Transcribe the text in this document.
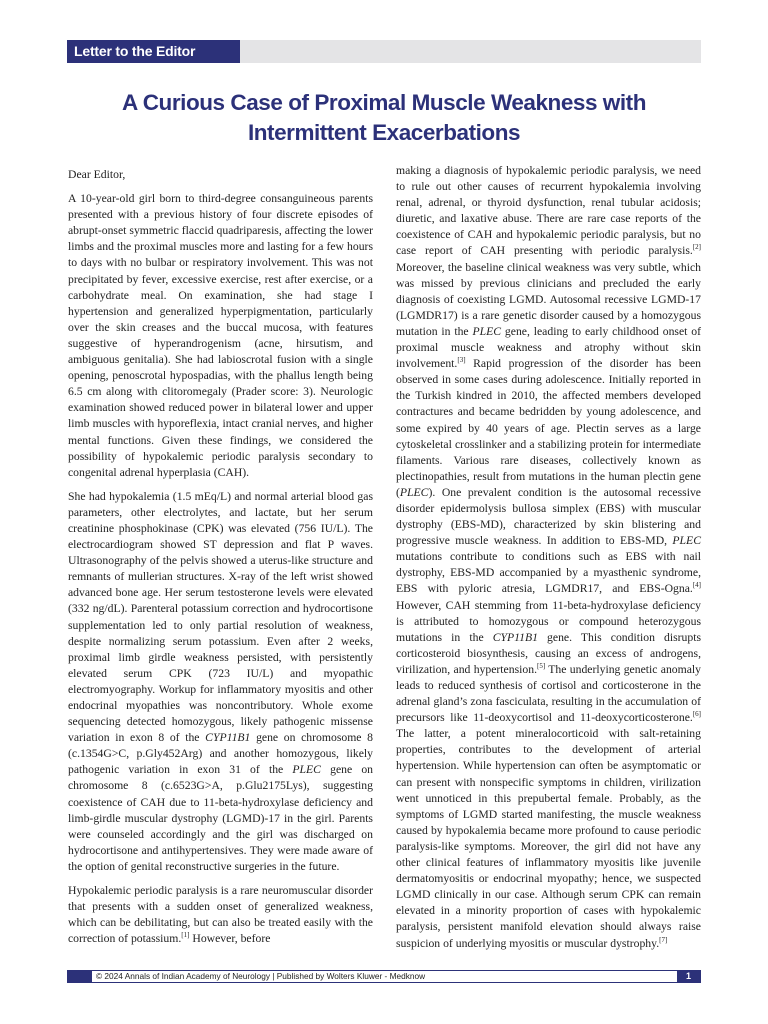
Letter to the Editor
A Curious Case of Proximal Muscle Weakness with Intermittent Exacerbations

Dear Editor,

A 10-year-old girl born to third-degree consanguineous parents presented with a previous history of four discrete episodes of abrupt-onset symmetric flaccid quadriparesis, affecting the lower limbs and the proximal muscles more and lasting for a few hours to days with no bulbar or respiratory involvement. This was not precipitated by fever, excessive exercise, rest after exercise, or a carbohydrate meal. On examination, she had stage I hypertension and generalized hyperpigmentation, particularly over the skin creases and the buccal mucosa, with features suggestive of hyperandrogenism (acne, hirsutism, and ambiguous genitalia). She had labioscrotal fusion with a single opening, penoscrotal hypospadias, with the phallus length being 6.5 cm along with clitoromegaly (Prader score: 3). Neurologic examination showed reduced power in bilateral lower and upper limb muscles with hyporeflexia, intact cranial nerves, and higher mental functions. Given these findings, we considered the possibility of hypokalemic periodic paralysis secondary to congenital adrenal hyperplasia (CAH).

She had hypokalemia (1.5 mEq/L) and normal arterial blood gas parameters, other electrolytes, and lactate, but her serum creatinine phosphokinase (CPK) was elevated (756 IU/L). The electrocardiogram showed ST depression and flat P waves. Ultrasonography of the pelvis showed a uterus-like structure and remnants of mullerian structures. X-ray of the left wrist showed advanced bone age. Her serum testosterone levels were elevated (332 ng/dL). Parenteral potassium correction and hydrocortisone supplementation led to only partial resolution of weakness, despite normalizing serum potassium. Even after 2 weeks, proximal limb girdle weakness persisted, with persistently elevated serum CPK (723 IU/L) and myopathic electromyography. Workup for inflammatory myositis and other endocrinal myopathies was noncontributory. Whole exome sequencing detected homozygous, likely pathogenic missense variation in exon 8 of the CYP11B1 gene on chromosome 8 (c.1354G>C, p.Gly452Arg) and another homozygous, likely pathogenic variation in exon 31 of the PLEC gene on chromosome 8 (c.6523G>A, p.Glu2175Lys), suggesting coexistence of CAH due to 11-beta-hydroxylase deficiency and limb-girdle muscular dystrophy (LGMD)-17 in the girl. Parents were counseled accordingly and the girl was discharged on hydrocortisone and antihypertensives. They were made aware of the option of genital reconstructive surgeries in the future.

Hypokalemic periodic paralysis is a rare neuromuscular disorder that presents with a sudden onset of generalized weakness, which can be debilitating, but can also be treated easily with the correction of potassium.[1] However, before

making a diagnosis of hypokalemic periodic paralysis, we need to rule out other causes of recurrent hypokalemia involving renal, adrenal, or thyroid dysfunction, renal tubular acidosis; diuretic, and laxative abuse. There are rare case reports of the coexistence of CAH and hypokalemic periodic paralysis, but no case report of CAH presenting with periodic paralysis.[2] Moreover, the baseline clinical weakness was very subtle, which was missed by previous clinicians and precluded the early diagnosis of coexisting LGMD. Autosomal recessive LGMD-17 (LGMDR17) is a rare genetic disorder caused by a homozygous mutation in the PLEC gene, leading to early childhood onset of proximal muscle weakness and atrophy without skin involvement.[3] Rapid progression of the disorder has been observed in some cases during adolescence. Initially reported in the Turkish kindred in 2010, the affected members developed contractures and became bedridden by young adolescence, and some expired by 40 years of age. Plectin serves as a large cytoskeletal crosslinker and a stabilizing protein for intermediate filaments. Various rare diseases, collectively known as plectinopathies, result from mutations in the human plectin gene (PLEC). One prevalent condition is the autosomal recessive disorder epidermolysis bullosa simplex (EBS) with muscular dystrophy (EBS-MD), characterized by skin blistering and progressive muscle weakness. In addition to EBS-MD, PLEC mutations contribute to conditions such as EBS with nail dystrophy, EBS-MD accompanied by a myasthenic syndrome, EBS with pyloric atresia, LGMDR17, and EBS-Ogna.[4] However, CAH stemming from 11-beta-hydroxylase deficiency is attributed to homozygous or compound heterozygous mutations in the CYP11B1 gene. This condition disrupts corticosteroid biosynthesis, causing an excess of androgens, virilization, and hypertension.[5] The underlying genetic anomaly leads to reduced synthesis of cortisol and corticosterone in the adrenal gland’s zona fasciculata, resulting in the accumulation of precursors like 11-deoxycortisol and 11-deoxycorticosterone.[6] The latter, a potent mineralocorticoid with salt-retaining properties, contributes to the development of arterial hypertension. While hypertension can often be asymptomatic or can present with nonspecific symptoms in children, virilization went unnoticed in this prepubertal female. Probably, as the symptoms of LGMD started manifesting, the muscle weakness caused by hypokalemia became more profound to cause periodic paralysis-like symptoms. Moreover, the girl did not have any other clinical features of inflammatory myositis like juvenile dermatomyositis or endocrinal myopathy; hence, we suspected LGMD clinically in our case. Although serum CPK can remain elevated in a minority proportion of cases with hypokalemic paralysis, persistent manifold elevation should always raise suspicion of underlying myositis or muscular dystrophy.[7]

© 2024 Annals of Indian Academy of Neurology | Published by Wolters Kluwer - Medknow	1
